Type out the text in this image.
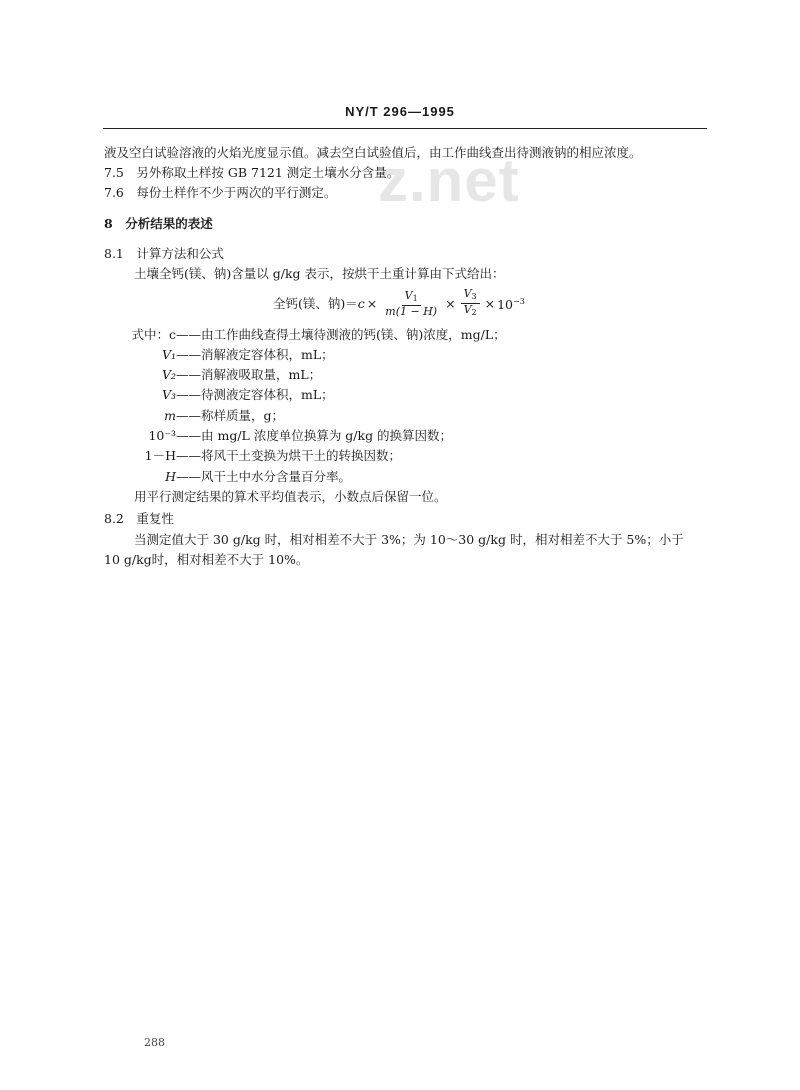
NY/T 296—1995
z.net
液及空白试验溶液的火焰光度显示值。减去空白试验值后，由工作曲线查出待测液钠的相应浓度。
7.5　另外称取土样按 GB 7121 测定土壤水分含量。
7.6　每份土样作不少于两次的平行测定。
8　分析结果的表述
8.1　计算方法和公式
土壤全钙(镁、钠)含量以 g/kg 表示，按烘干土重计算由下式给出：
全钙(镁、钠)＝ $c \times \frac{V_1}{m(1 - H)} \times \frac{V_3}{V_2} \times 10^{-3}$
式中：c ——由工作曲线查得土壤待测液的钙(镁、钠)浓度，mg/L；
V₁ ——消解液定容体积，mL；
V₂ ——消解液吸取量，mL；
V₃ ——待测液定容体积，mL；
m ——称样质量，g；
10⁻³ ——由 mg/L 浓度单位换算为 g/kg 的换算因数；
1－H ——将风干土变换为烘干土的转换因数；
H ——风干土中水分含量百分率。
用平行测定结果的算术平均值表示，小数点后保留一位。
8.2　重复性
当测定值大于 30 g/kg 时，相对相差不大于 3%；为 10～30 g/kg 时，相对相差不大于 5%；小于
10 g/kg时，相对相差不大于 10%。
288
